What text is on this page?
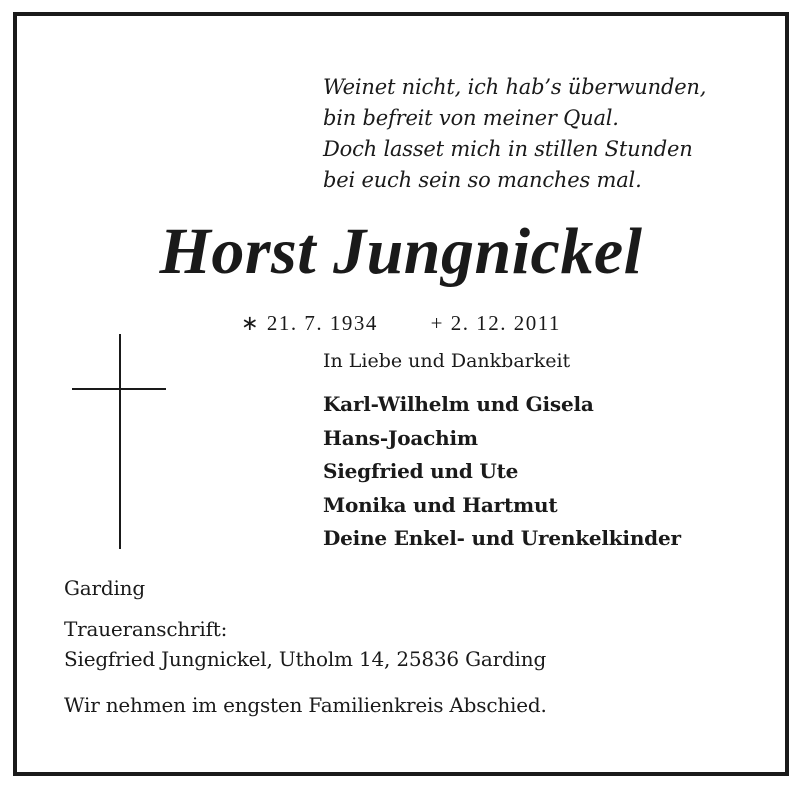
Weinet nicht, ich hab’s überwunden,
bin befreit von meiner Qual.
Doch lasset mich in stillen Stunden
bei euch sein so manches mal.
Horst Jungnickel
∗ 21. 7. 1934	+ 2. 12. 2011
In Liebe und Dankbarkeit
Karl-Wilhelm und Gisela
Hans-Joachim
Siegfried und Ute
Monika und Hartmut
Deine Enkel- und Urenkelkinder
Garding
Traueranschrift:
Siegfried Jungnickel, Utholm 14, 25836 Garding
Wir nehmen im engsten Familienkreis Abschied.
